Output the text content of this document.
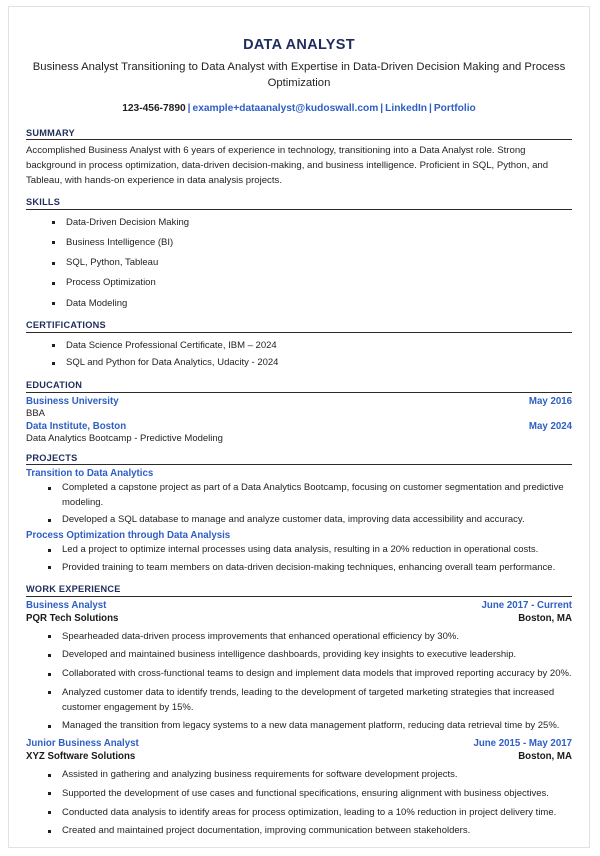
DATA ANALYST
Business Analyst Transitioning to Data Analyst with Expertise in Data-Driven Decision Making and Process Optimization
123-456-7890 | example+dataanalyst@kudoswall.com | LinkedIn | Portfolio
SUMMARY

Accomplished Business Analyst with 6 years of experience in technology, transitioning into a Data Analyst role. Strong background in process optimization, data-driven decision-making, and business intelligence. Proficient in SQL, Python, and Tableau, with hands-on experience in data analysis projects.

SKILLS
Data-Driven Decision Making
Business Intelligence (BI)
SQL, Python, Tableau
Process Optimization
Data Modeling
CERTIFICATIONS
Data Science Professional Certificate, IBM – 2024
SQL and Python for Data Analytics, Udacity - 2024
EDUCATION
Business University	May 2016
BBA
Data Institute, Boston	May 2024
Data Analytics Bootcamp - Predictive Modeling
PROJECTS
Transition to Data Analytics
Completed a capstone project as part of a Data Analytics Bootcamp, focusing on customer segmentation and predictive modeling.
Developed a SQL database to manage and analyze customer data, improving data accessibility and accuracy.
Process Optimization through Data Analysis
Led a project to optimize internal processes using data analysis, resulting in a 20% reduction in operational costs.
Provided training to team members on data-driven decision-making techniques, enhancing overall team performance.
WORK EXPERIENCE
Business Analyst	June 2017 - Current
PQR Tech Solutions	Boston, MA
Spearheaded data-driven process improvements that enhanced operational efficiency by 30%.
Developed and maintained business intelligence dashboards, providing key insights to executive leadership.
Collaborated with cross-functional teams to design and implement data models that improved reporting accuracy by 20%.
Analyzed customer data to identify trends, leading to the development of targeted marketing strategies that increased customer engagement by 15%.
Managed the transition from legacy systems to a new data management platform, reducing data retrieval time by 25%.
Junior Business Analyst	June 2015 - May 2017
XYZ Software Solutions	Boston, MA
Assisted in gathering and analyzing business requirements for software development projects.
Supported the development of use cases and functional specifications, ensuring alignment with business objectives.
Conducted data analysis to identify areas for process optimization, leading to a 10% reduction in project delivery time.
Created and maintained project documentation, improving communication between stakeholders.
